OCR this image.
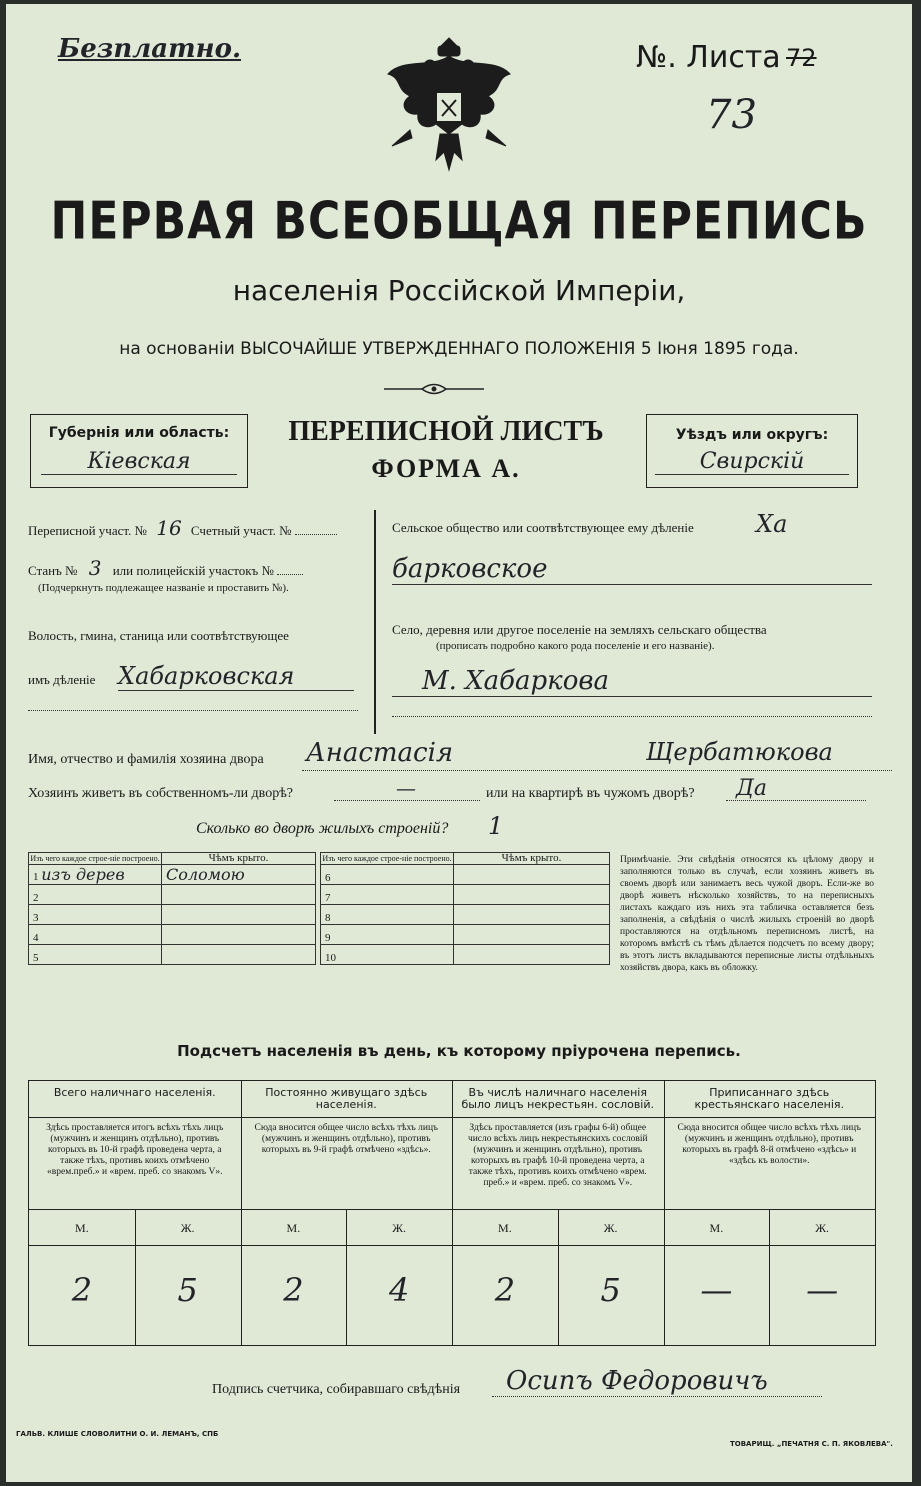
Безплатно.	№. Листа 72
73
ПЕРВАЯ ВСЕОБЩАЯ ПЕРЕПИСЬ
населенія Россійской Имперіи,
на основаніи ВЫСОЧАЙШЕ УТВЕРЖДЕННАГО ПОЛОЖЕНІЯ 5 Іюня 1895 года.
Губернія или область:
Кіевская
ПЕРЕПИСНОЙ ЛИСТЪ
ФОРМА А.
Уѣздъ или округъ:
Свирскій
Переписной участ. № 16 Счетный участ. №
Станъ № 3 или полицейскій участокъ №
(Подчеркнуть подлежащее названіе и проставить №).
Волость, гмина, станица или соотвѣтствующее
имъ дѣленіе Хабарковская
Сельское общество или соотвѣтствующее ему дѣленіе	Ха
барковское
Село, деревня или другое поселеніе на земляхъ сельскаго общества
(прописать подробно какого рода поселеніе и его названіе).
М. Хабаркова
Имя, отчество и фамилія хозяина двора Анастасія	Щербатюкова
Хозяинъ живетъ въ собственномъ-ли дворѣ?	—	или на квартирѣ въ чужомъ дворѣ? Да
Сколько во дворѣ жилыхъ строеній? 1
Изъ чего каждое строе-ніе построено.	Чѣмъ крыто.
1 изъ дерев	Соломою
2	
3	
4	
5	
Изъ чего каждое строе-ніе построено.	Чѣмъ крыто.
6	
7	
8	
9	
10	
Примѣчаніе. Эти свѣдѣнія относятся къ цѣлому двору и заполняются только въ случаѣ, если хозяинъ живетъ въ своемъ дворѣ или занимаетъ весь чужой дворъ. Если-же во дворѣ живетъ нѣсколько хозяйствъ, то на переписныхъ листахъ каждаго изъ нихъ эта табличка оставляется безъ заполненія, а свѣдѣнія о числѣ жилыхъ строеній во дворѣ проставляются на отдѣльномъ переписномъ листѣ, на которомъ вмѣстѣ съ тѣмъ дѣлается подсчетъ по всему двору; въ этотъ листъ вкладываются переписные листы отдѣльныхъ хозяйствъ двора, какъ въ обложку.
Подсчетъ населенія въ день, къ которому пріурочена перепись.
Всего наличнаго населенія.
Здѣсь проставляется итогъ всѣхъ тѣхъ лицъ (мужчинъ и женщинъ отдѣльно), противъ которыхъ въ 10-й графѣ проведена черта, а также тѣхъ, противъ коихъ отмѣчено «врем.преб.» и «врем. преб. со знакомъ V».
М.	Ж.
2	5
Постоянно живущаго здѣсь населенія.
Сюда вносится общее число всѣхъ тѣхъ лицъ (мужчинъ и женщинъ отдѣльно), противъ которыхъ въ 9-й графѣ отмѣчено «здѣсь».
М.	Ж.
2	4
Въ числѣ наличнаго населенія было лицъ некрестьян. сословій.
Здѣсь проставляется (изъ графы 6-й) общее число всѣхъ лицъ некрестьянскихъ сословій (мужчинъ и женщинъ отдѣльно), противъ которыхъ въ графѣ 10-й проведена черта, а также тѣхъ, противъ коихъ отмѣчено «врем. преб.» и «врем. преб. со знакомъ V».
М.	Ж.
2	5
Приписаннаго здѣсь крестьянскаго населенія.
Сюда вносится общее число всѣхъ тѣхъ лицъ (мужчинъ и женщинъ отдѣльно), противъ которыхъ въ графѣ 8-й отмѣчено «здѣсь» и «здѣсь къ волости».
М.	Ж.
—	—
Подпись счетчика, собиравшаго свѣдѣнія Осипъ Федоровичъ
ГАЛЬВ. КЛИШЕ СЛОВОЛИТНИ О. И. ЛЕМАНЪ, СПБ
ТОВАРИЩ. „ПЕЧАТНЯ С. П. ЯКОВЛЕВА".
